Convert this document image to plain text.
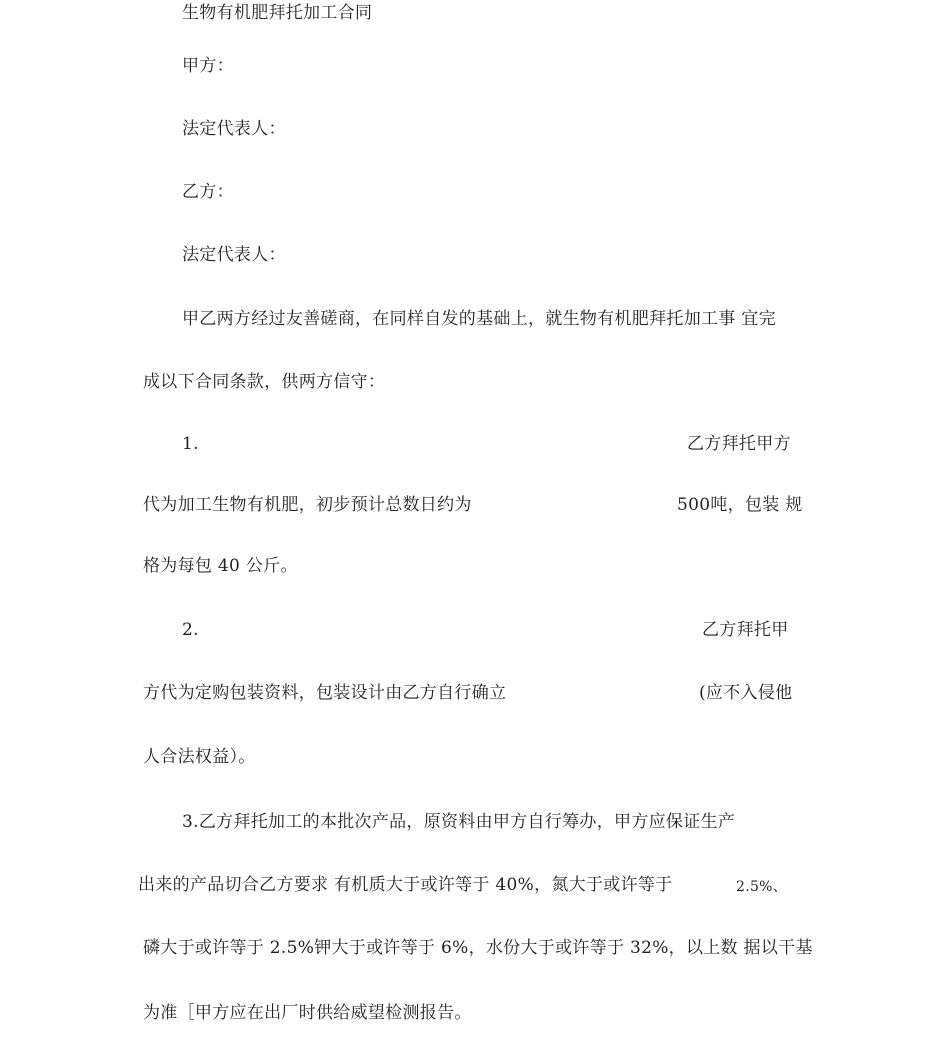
生物有机肥拜托加工合同
甲方：
法定代表人：
乙方：
法定代表人：
甲乙两方经过友善磋商，在同样自发的基础上，就生物有机肥拜托加工事 宜完
成以下合同条款，供两方信守：
1.	乙方拜托甲方
代为加工生物有机肥，初步预计总数日约为	500吨，包装 规
格为每包 40 公斤。
2.	乙方拜托甲
方代为定购包装资料，包装设计由乙方自行确立	(应不入侵他
人合法权益）。
3.乙方拜托加工的本批次产品，原资料由甲方自行筹办，甲方应保证生产
出来的产品切合乙方要求 有机质大于或许等于 40%，氮大于或许等于	2.5%、
磷大于或许等于 2.5%钾大于或许等于 6%，水份大于或许等于 32%，以上数 据以干基
为准［甲方应在出厂时供给威望检测报告。
